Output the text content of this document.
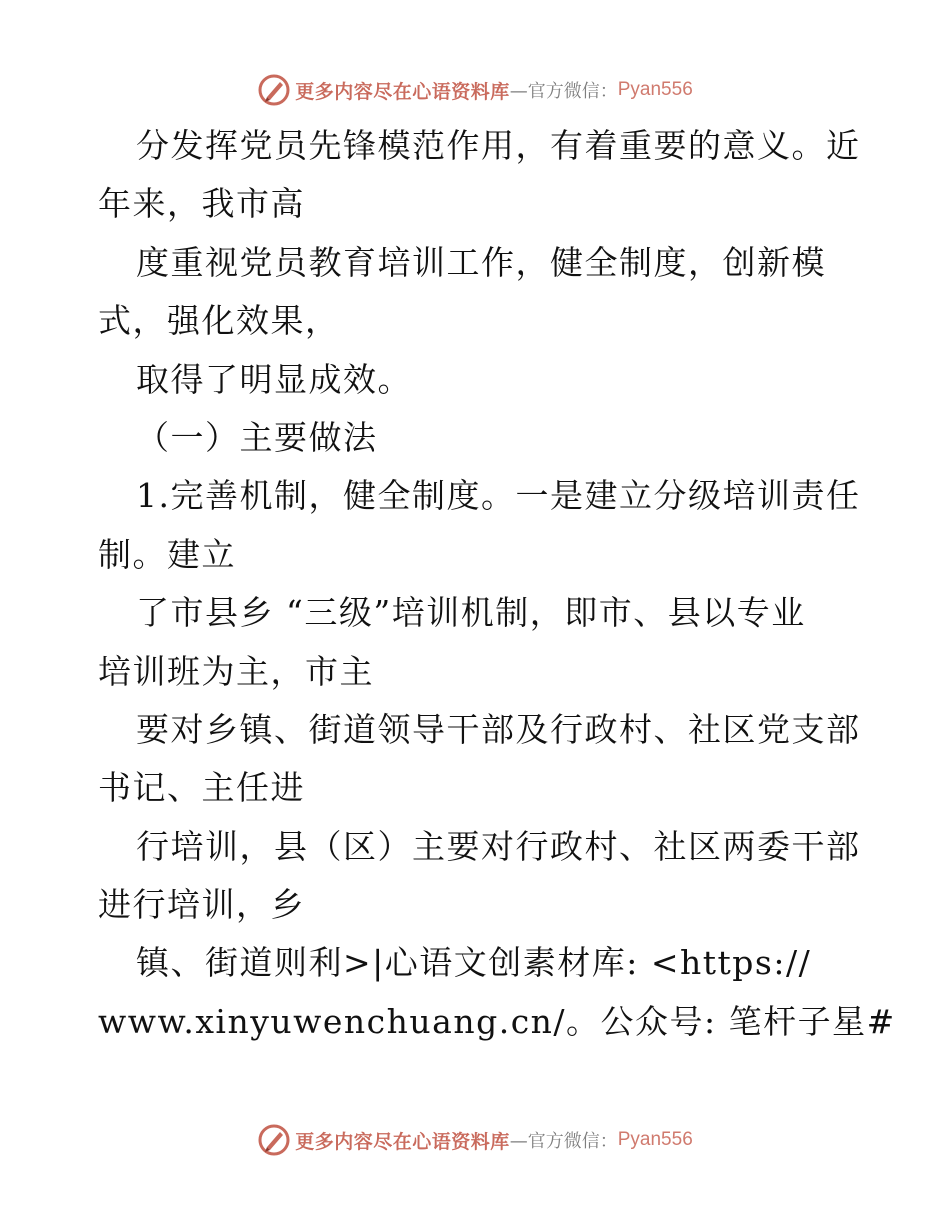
更多内容尽在心语资料库 —官方微信： Pyan556
分发挥党员先锋模范作用，有着重要的意义。近
年来，我市高
度重视党员教育培训工作，健全制度，创新模
式，强化效果，
取得了明显成效。
（一）主要做法
1.完善机制，健全制度。一是建立分级培训责任
制。建立
了市县乡 “三级”培训机制，即市、县以专业
培训班为主，市主
要对乡镇、街道领导干部及行政村、社区党支部
书记、主任进
行培训，县（区）主要对行政村、社区两委干部
进行培训，乡
镇、街道则利>|心语文创素材库: <https://
www.xinyuwenchuang.cn/。公众号: 笔杆子星#
更多内容尽在心语资料库 —官方微信： Pyan556
